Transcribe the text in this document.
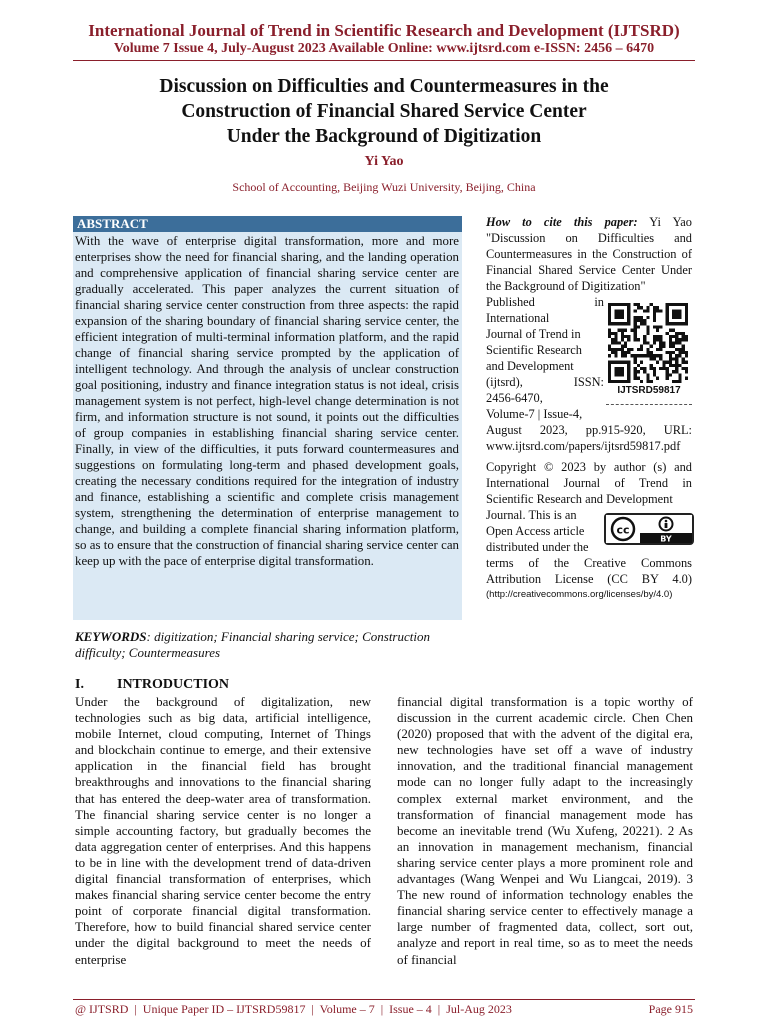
International Journal of Trend in Scientific Research and Development (IJTSRD)
Volume 7 Issue 4, July-August 2023 Available Online: www.ijtsrd.com e-ISSN: 2456 – 6470
Discussion on Difficulties and Countermeasures in the
Construction of Financial Shared Service Center
Under the Background of Digitization
Yi Yao
School of Accounting, Beijing Wuzi University, Beijing, China
ABSTRACT
With the wave of enterprise digital transformation, more and more enterprises show the need for financial sharing, and the landing operation and comprehensive application of financial sharing service center are gradually accelerated. This paper analyzes the current situation of financial sharing service center construction from three aspects: the rapid expansion of the sharing boundary of financial sharing service center, the efficient integration of multi-terminal information platform, and the rapid change of financial sharing service prompted by the application of intelligent technology. And through the analysis of unclear construction goal positioning, industry and finance integration status is not ideal, crisis management system is not perfect, high-level change determination is not firm, and information structure is not sound, it points out the difficulties of group companies in establishing financial sharing service center. Finally, in view of the difficulties, it puts forward countermeasures and suggestions on formulating long-term and phased development goals, creating the necessary conditions required for the integration of industry and finance, establishing a scientific and complete crisis management system, strengthening the determination of enterprise management to change, and building a complete financial sharing information platform, so as to ensure that the construction of financial sharing service center can keep up with the pace of enterprise digital transformation.
How to cite this paper: Yi Yao "Discussion on Difficulties and Countermeasures in the Construction of Financial Shared Service Center Under the Background of Digitization"
Published in
International
Journal of Trend in
Scientific Research
and Development
(ijtsrd), ISSN:
2456-6470,
Volume-7 | Issue-4,
August 2023, pp.915-920, URL: www.ijtsrd.com/papers/ijtsrd59817.pdf
IJTSRD59817
Copyright © 2023 by author (s) and International Journal of Trend in Scientific Research and Development
Journal. This is an
Open Access article
distributed under the
terms of the Creative Commons Attribution License (CC BY 4.0)
(http://creativecommons.org/licenses/by/4.0)
cc
BY
KEYWORDS: digitization; Financial sharing service; Construction difficulty; Countermeasures
I. INTRODUCTION
Under the background of digitalization, new technologies such as big data, artificial intelligence, mobile Internet, cloud computing, Internet of Things and blockchain continue to emerge, and their extensive application in the financial field has brought breakthroughs and innovations to the financial sharing that has entered the deep-water area of transformation. The financial sharing service center is no longer a simple accounting factory, but gradually becomes the data aggregation center of enterprises. And this happens to be in line with the development trend of data-driven digital financial transformation of enterprises, which makes financial sharing service center become the entry point of corporate financial digital transformation. Therefore, how to build financial shared service center under the digital background to meet the needs of enterprise
financial digital transformation is a topic worthy of discussion in the current academic circle. Chen Chen (2020) proposed that with the advent of the digital era, new technologies have set off a wave of industry innovation, and the traditional financial management mode can no longer fully adapt to the increasingly complex external market environment, and the transformation of financial management mode has become an inevitable trend (Wu Xufeng, 20221). 2 As an innovation in management mechanism, financial sharing service center plays a more prominent role and advantages (Wang Wenpei and Wu Liangcai, 2019). 3 The new round of information technology enables the financial sharing service center to effectively manage a large number of fragmented data, collect, sort out, analyze and report in real time, so as to meet the needs of financial
@ IJTSRD  |  Unique Paper ID – IJTSRD59817  |  Volume – 7  |  Issue – 4  |  Jul-Aug 2023	Page 915
